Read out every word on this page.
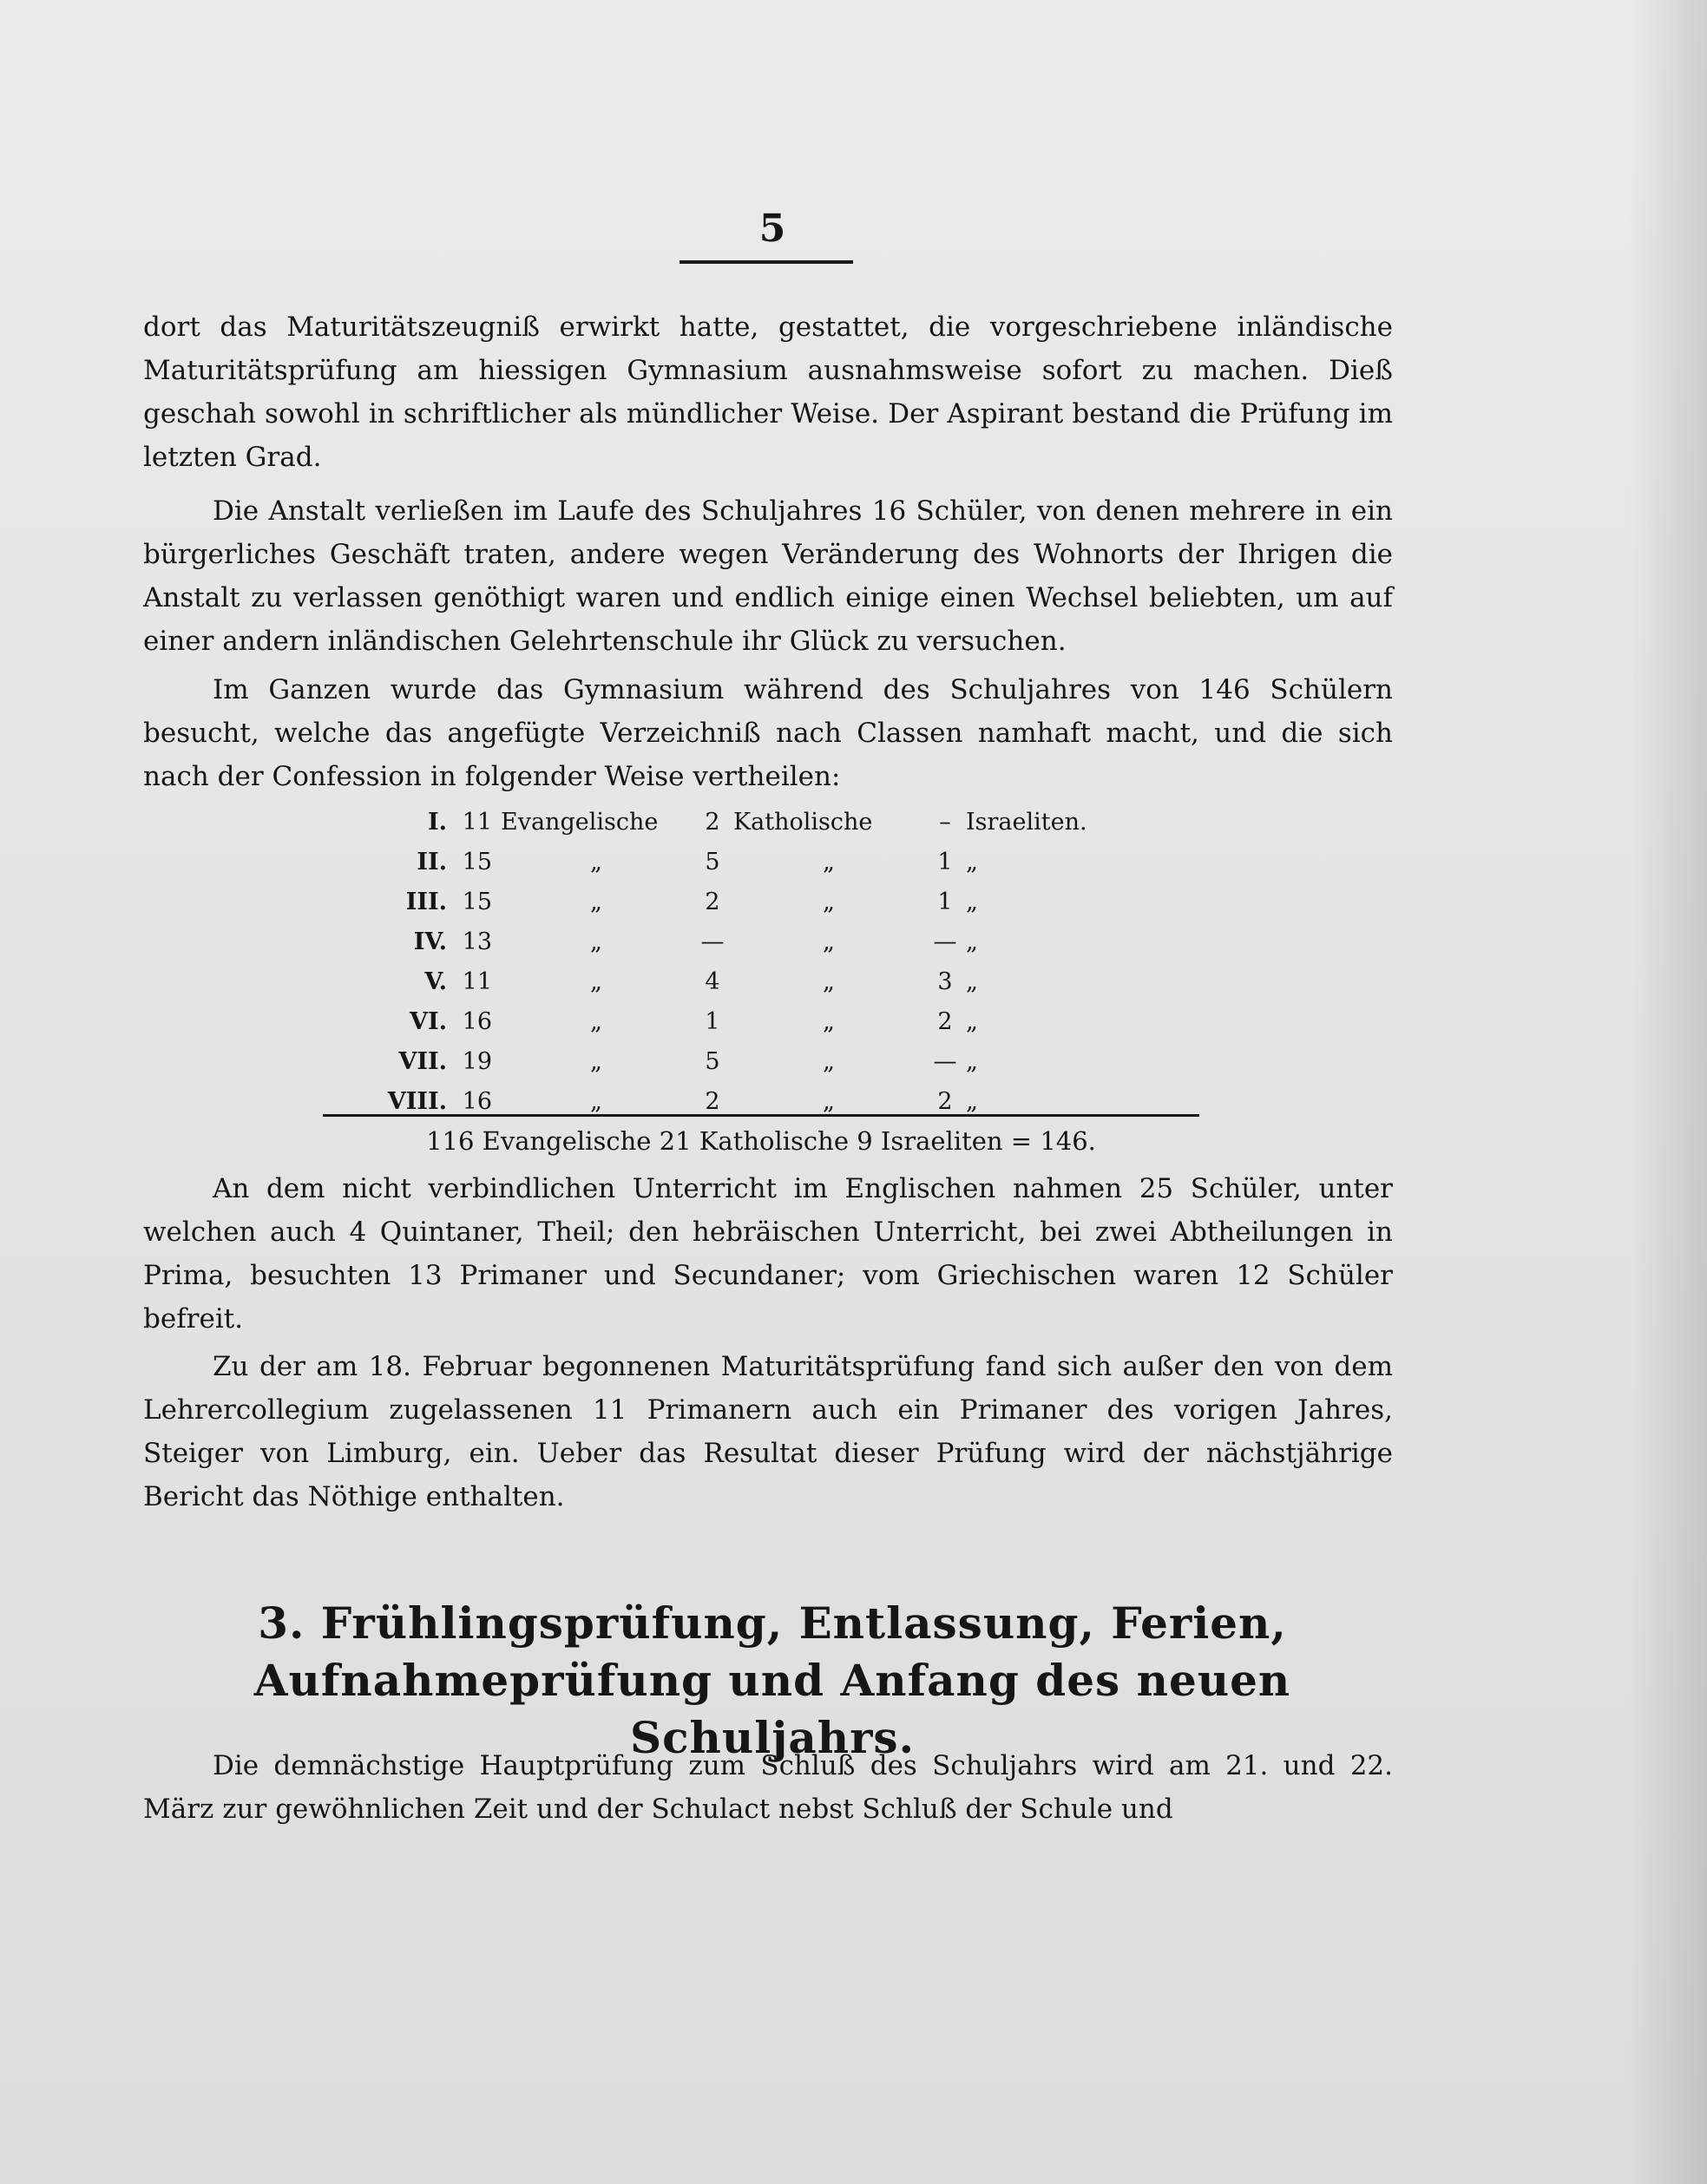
5

dort das Maturitätszeugniß erwirkt hatte, gestattet, die vorgeschriebene inländische Maturitätsprüfung am hiessigen Gymnasium ausnahmsweise sofort zu machen. Dieß geschah sowohl in schriftlicher als mündlicher Weise. Der Aspirant bestand die Prüfung im letzten Grad.

Die Anstalt verließen im Laufe des Schuljahres 16 Schüler, von denen mehrere in ein bürgerliches Geschäft traten, andere wegen Veränderung des Wohnorts der Ihrigen die Anstalt zu verlassen genöthigt waren und endlich einige einen Wechsel beliebten, um auf einer andern inländischen Gelehrtenschule ihr Glück zu versuchen.

Im Ganzen wurde das Gymnasium während des Schuljahres von 146 Schülern besucht, welche das angefügte Verzeichniß nach Classen namhaft macht, und die sich nach der Confession in folgender Weise vertheilen:

I.	11	Evangelische	2	Katholische	–	Israeliten.
II.	15	„	5	„	1	„
III.	15	„	2	„	1	„
IV.	13	„	—	„	—	„
V.	11	„	4	„	3	„
VI.	16	„	1	„	2	„
VII.	19	„	5	„	—	„
VIII.	16	„	2	„	2	„
116 Evangelische 21 Katholische 9 Israeliten = 146.

An dem nicht verbindlichen Unterricht im Englischen nahmen 25 Schüler, unter welchen auch 4 Quintaner, Theil; den hebräischen Unterricht, bei zwei Abtheilungen in Prima, besuchten 13 Primaner und Secundaner; vom Griechischen waren 12 Schüler befreit.

Zu der am 18. Februar begonnenen Maturitätsprüfung fand sich außer den von dem Lehrercollegium zugelassenen 11 Primanern auch ein Primaner des vorigen Jahres, Steiger von Limburg, ein. Ueber das Resultat dieser Prüfung wird der nächstjährige Bericht das Nöthige enthalten.

3. Frühlingsprüfung, Entlassung, Ferien, Aufnahmeprüfung und Anfang des neuen Schuljahrs.

Die demnächstige Hauptprüfung zum Schluß des Schuljahrs wird am 21. und 22. März zur gewöhnlichen Zeit und der Schulact nebst Schluß der Schule und
